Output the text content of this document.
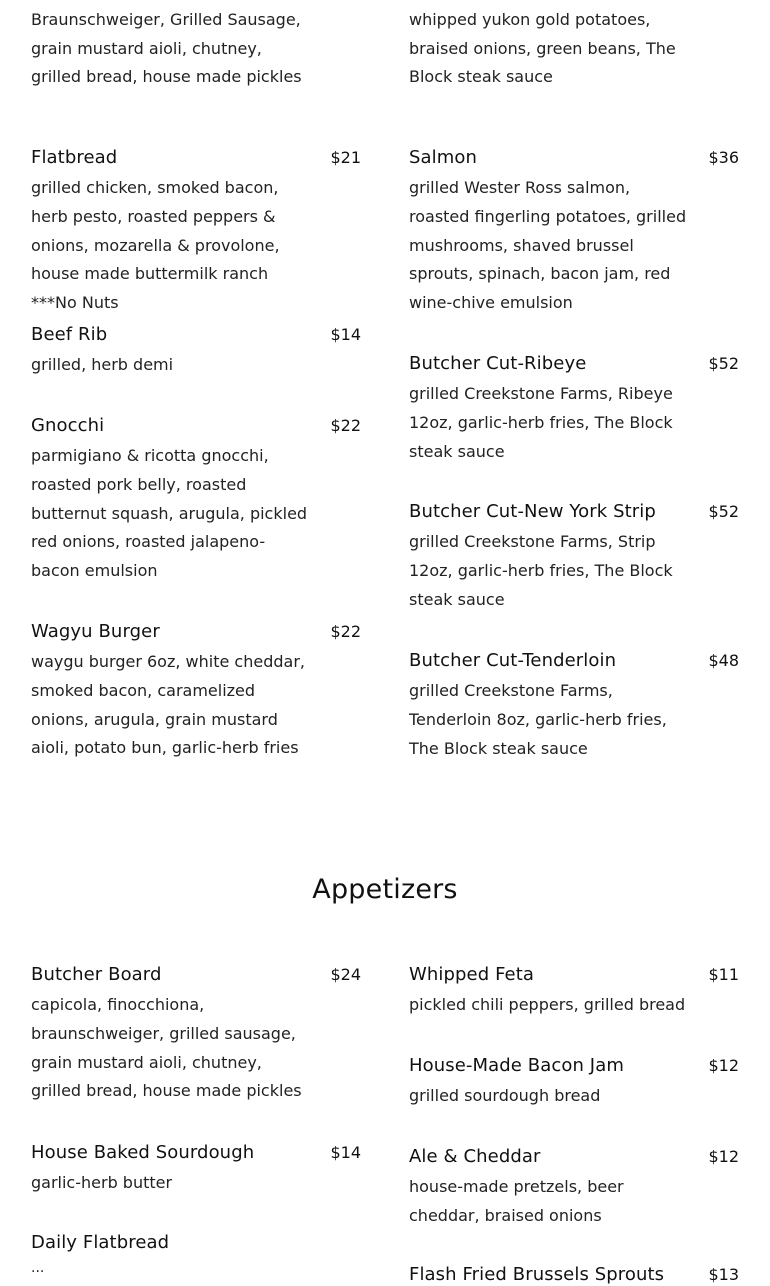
Braunschweiger, Grilled Sausage, grain mustard aioli, chutney, grilled bread, house made pickles
Flatbread	$21
grilled chicken, smoked bacon, herb pesto, roasted peppers & onions, mozarella & provolone, house made buttermilk ranch ***No Nuts
Beef Rib	$14
grilled, herb demi
Gnocchi	$22
parmigiano & ricotta gnocchi, roasted pork belly, roasted butternut squash, arugula, pickled red onions, roasted jalapeno-bacon emulsion
Wagyu Burger	$22
waygu burger 6oz, white cheddar, smoked bacon, caramelized onions, arugula, grain mustard aioli, potato bun, garlic-herb fries
whipped yukon gold potatoes, braised onions, green beans, The Block steak sauce
Salmon	$36
grilled Wester Ross salmon, roasted fingerling potatoes, grilled mushrooms, shaved brussel sprouts, spinach, bacon jam, red wine-chive emulsion
Butcher Cut-Ribeye	$52
grilled Creekstone Farms, Ribeye 12oz, garlic-herb fries, The Block steak sauce
Butcher Cut-New York Strip	$52
grilled Creekstone Farms, Strip 12oz, garlic-herb fries, The Block steak sauce
Butcher Cut-Tenderloin	$48
grilled Creekstone Farms, Tenderloin 8oz, garlic-herb fries, The Block steak sauce
Appetizers
Butcher Board	$24
capicola, finocchiona, braunschweiger, grilled sausage, grain mustard aioli, chutney, grilled bread, house made pickles
House Baked Sourdough	$14
garlic-herb butter
Daily Flatbread
...
Whipped Feta	$11
pickled chili peppers, grilled bread
House-Made Bacon Jam	$12
grilled sourdough bread
Ale & Cheddar	$12
house-made pretzels, beer cheddar, braised onions
Flash Fried Brussels Sprouts	$13
